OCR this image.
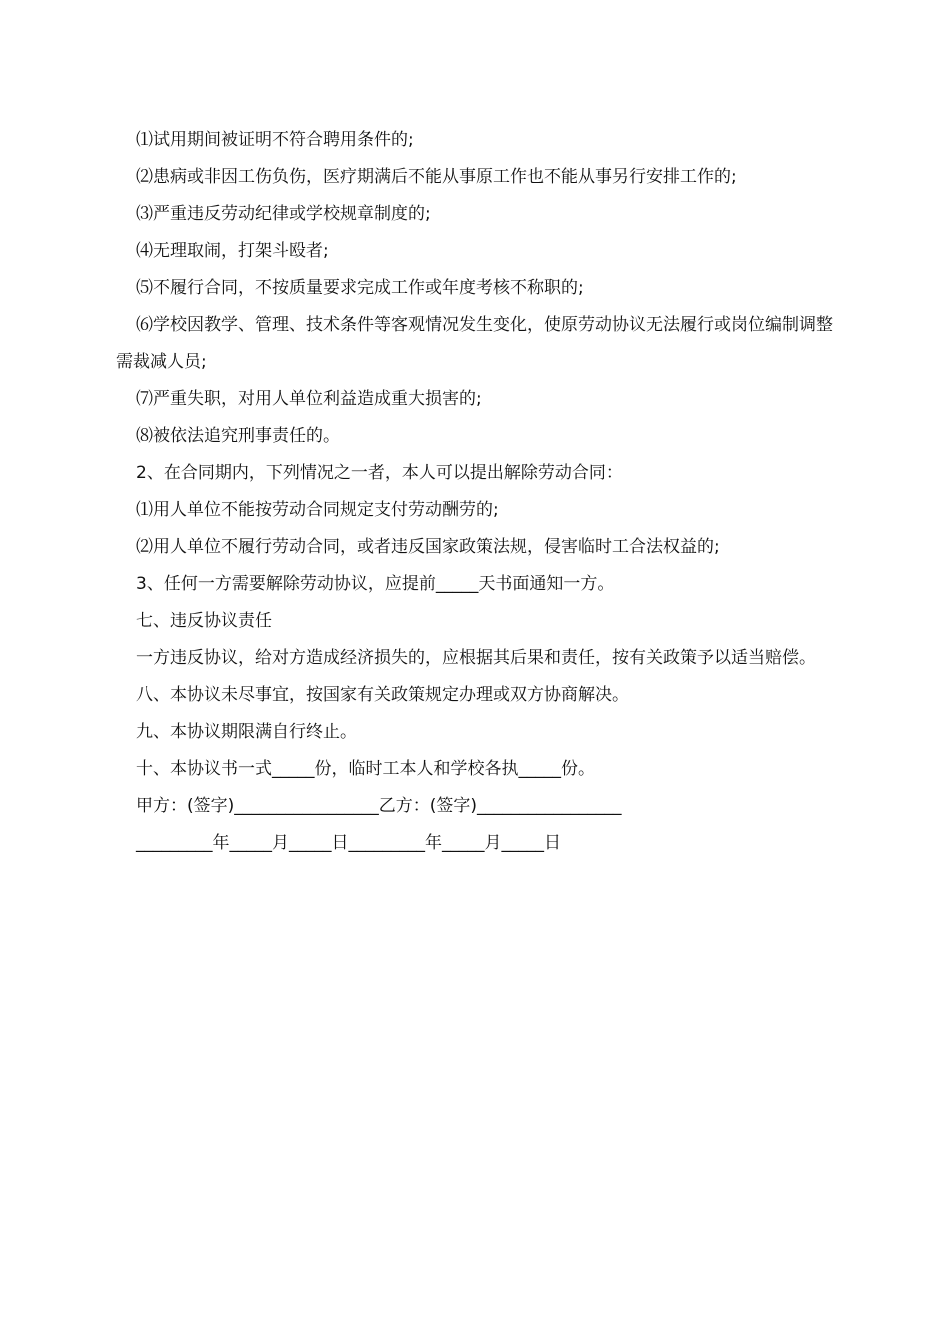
⑴试用期间被证明不符合聘用条件的;

⑵患病或非因工伤负伤，医疗期满后不能从事原工作也不能从事另行安排工作的;

⑶严重违反劳动纪律或学校规章制度的;

⑷无理取闹，打架斗殴者;

⑸不履行合同，不按质量要求完成工作或年度考核不称职的;

⑹学校因教学、管理、技术条件等客观情况发生变化，使原劳动协议无法履行或岗位编制调整需裁减人员;

⑺严重失职，对用人单位利益造成重大损害的;

⑻被依法追究刑事责任的。

2、在合同期内，下列情况之一者，本人可以提出解除劳动合同：

⑴用人单位不能按劳动合同规定支付劳动酬劳的;

⑵用人单位不履行劳动合同，或者违反国家政策法规，侵害临时工合法权益的;

3、任何一方需要解除劳动协议，应提前_____天书面通知一方。

七、违反协议责任

一方违反协议，给对方造成经济损失的，应根据其后果和责任，按有关政策予以适当赔偿。

八、本协议未尽事宜，按国家有关政策规定办理或双方协商解决。

九、本协议期限满自行终止。

十、本协议书一式_____份，临时工本人和学校各执_____份。

甲方：(签字)_________________乙方：(签字)_________________

_________年_____月_____日_________年_____月_____日
